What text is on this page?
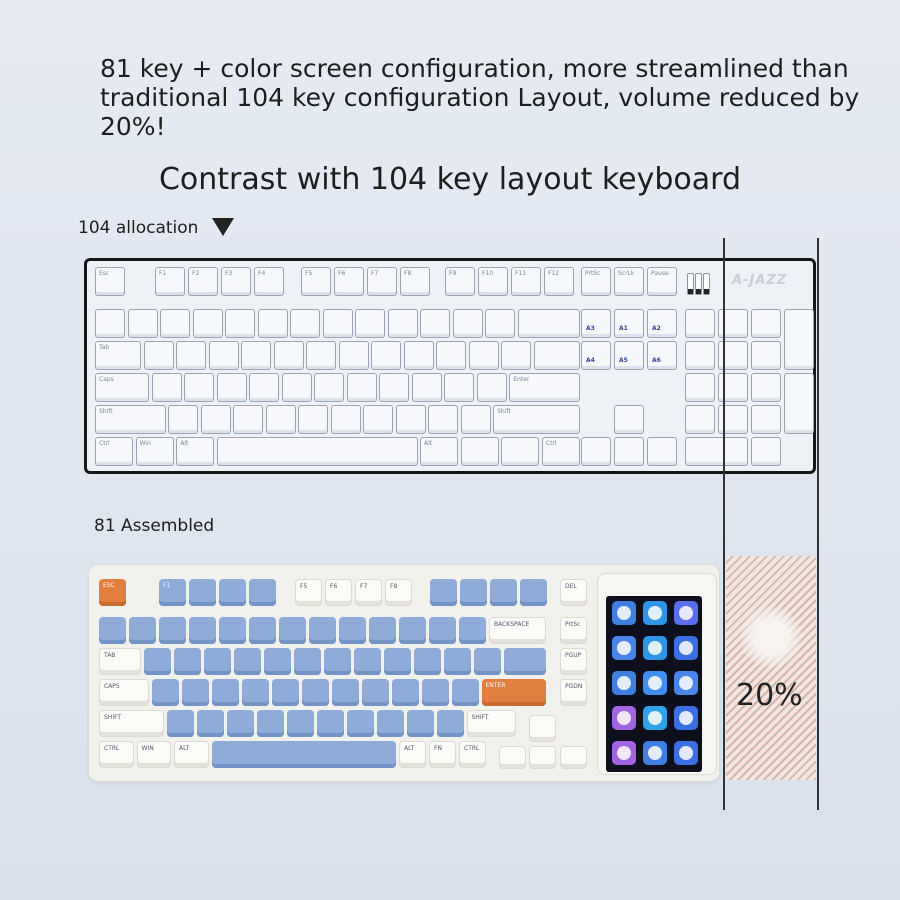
81 key + color screen configuration, more streamlined than traditional 104 key configuration Layout, volume reduced by 20%!
Contrast with 104 key layout keyboard
104 allocation
A-JAZZ
Esc	F1	F2	F3	F4	F5	F6	F7	F8	F9	F10	F11	F12	PrtSc	ScrLk	Pause
Tab
Caps	Enter
Shift	Shift
Ctrl	Win	Alt	Alt	Ctrl
A1	A2
A4	A5	A6
A3
81 Assembled
ESC	F1	F5	F6	F7	F8	DEL
BACKSPACE
TAB
CAPS	ENTER
SHIFT	SHIFT
CTRL	WIN	ALT	ALT	FN	CTRL
PrtSc
PGUP
PGDN	20%
